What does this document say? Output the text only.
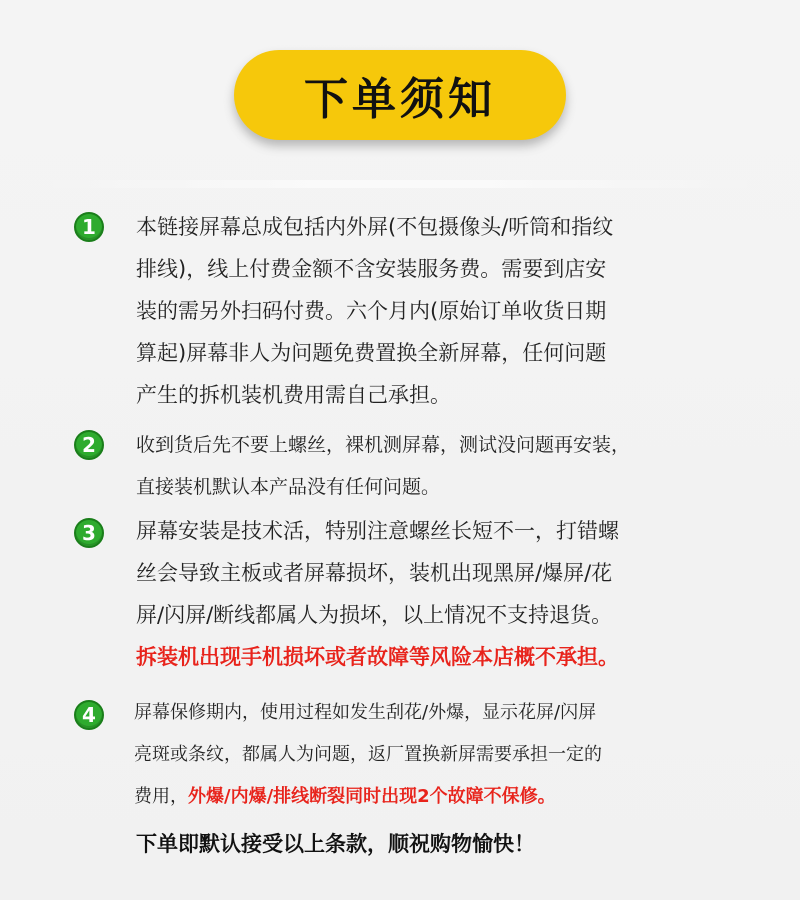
下单须知
1	本链接屏幕总成包括内外屏(不包摄像头/听筒和指纹
排线)，线上付费金额不含安装服务费。需要到店安
装的需另外扫码付费。六个月内(原始订单收货日期
算起)屏幕非人为问题免费置换全新屏幕，任何问题
产生的拆机装机费用需自己承担。
2	收到货后先不要上螺丝，裸机测屏幕，测试没问题再安装，
直接装机默认本产品没有任何问题。
3	屏幕安装是技术活，特别注意螺丝长短不一，打错螺
丝会导致主板或者屏幕损坏，装机出现黑屏/爆屏/花
屏/闪屏/断线都属人为损坏，以上情况不支持退货。
拆装机出现手机损坏或者故障等风险本店概不承担。
4	屏幕保修期内，使用过程如发生刮花/外爆，显示花屏/闪屏
亮斑或条纹，都属人为问题，返厂置换新屏需要承担一定的
费用，外爆/内爆/排线断裂同时出现2个故障不保修。
下单即默认接受以上条款，顺祝购物愉快！
